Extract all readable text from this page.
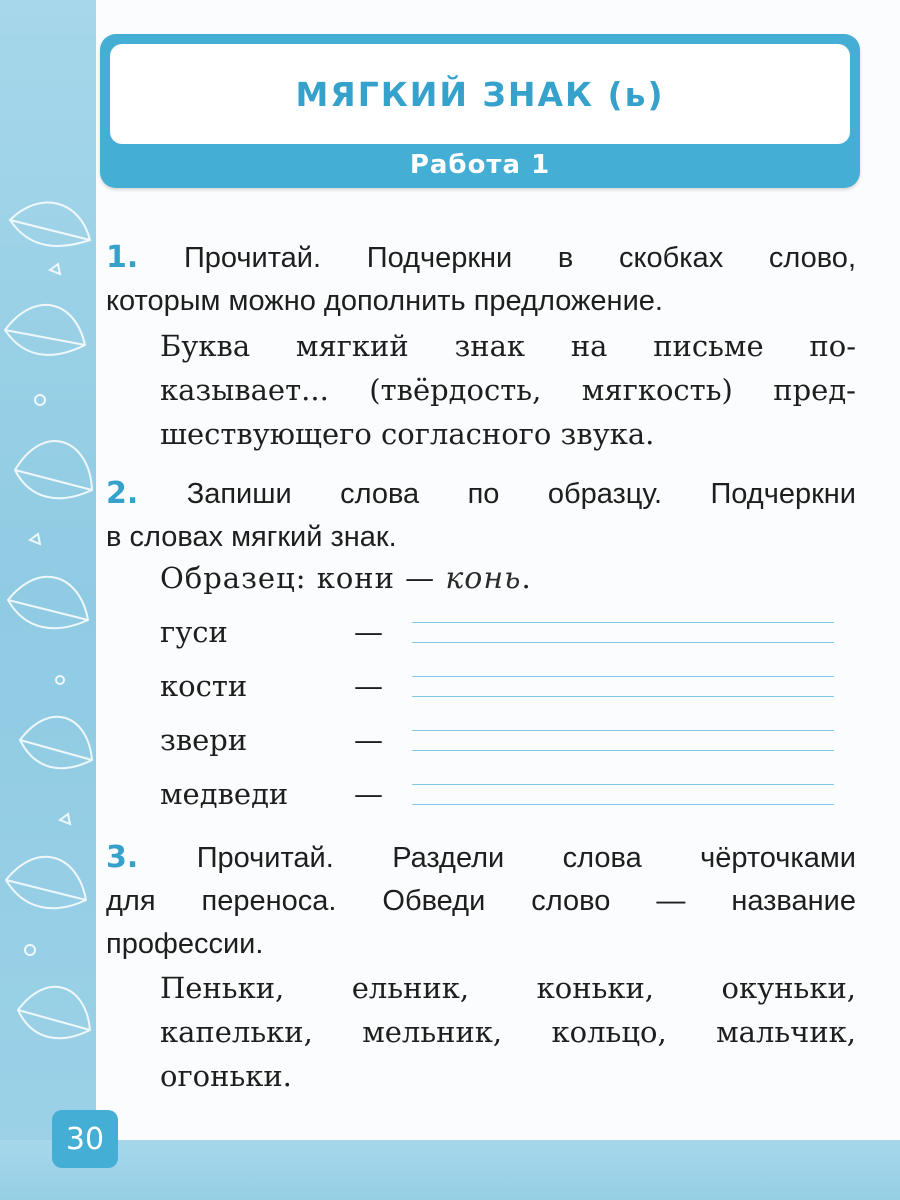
МЯГКИЙ ЗНАК (ь)
Работа 1
1. Прочитай. Подчеркни в скобках слово,
которым можно дополнить предложение.
Буква мягкий знак на письме по-
казывает... (твёрдость, мягкость) пред-
шествующего согласного звука.
2. Запиши слова по образцу. Подчеркни
в словах мягкий знак.
Образец: кони — конь.
гуси	—
кости	—
звери	—
медведи —
3. Прочитай. Раздели слова чёрточками
для переноса. Обведи слово — название
профессии.
Пеньки, ельник, коньки, окуньки,
капельки, мельник, кольцо, мальчик,
огоньки.
30
